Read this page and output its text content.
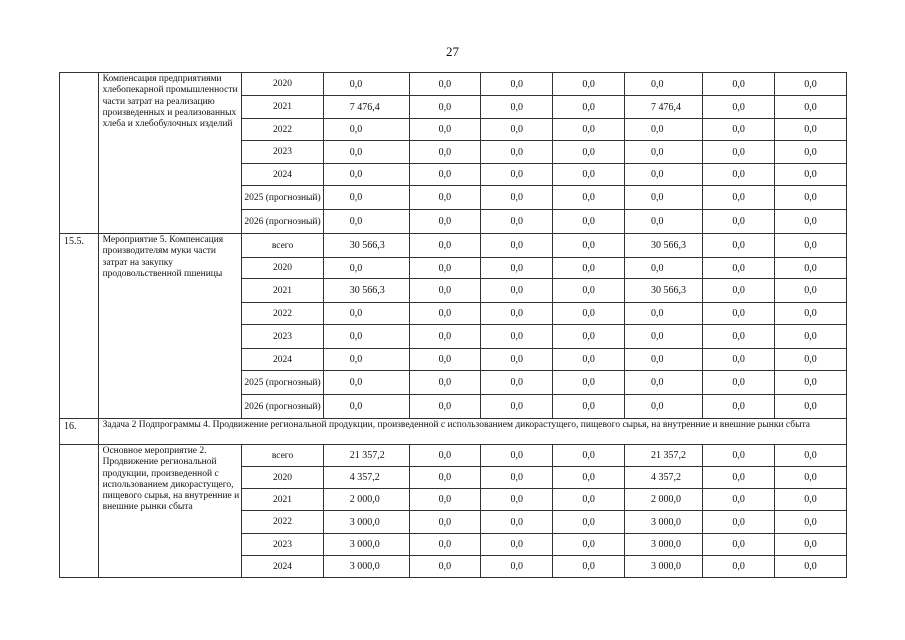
27
	Компенсация предприятиями хлебопекарной промышленности части затрат на реализацию произведенных и реализованных хлеба и хлебобулочных изделий	2020	0,0	0,0	0,0	0,0	0,0	0,0	0,0
		2021	7 476,4	0,0	0,0	0,0	7 476,4	0,0	0,0
		2022	0,0	0,0	0,0	0,0	0,0	0,0	0,0
		2023	0,0	0,0	0,0	0,0	0,0	0,0	0,0
		2024	0,0	0,0	0,0	0,0	0,0	0,0	0,0
		2025 (прогнозный)	0,0	0,0	0,0	0,0	0,0	0,0	0,0
		2026 (прогнозный)	0,0	0,0	0,0	0,0	0,0	0,0	0,0
15.5.	Мероприятие 5. Компенсация производителям муки части затрат на закупку продовольственной пшеницы	всего	30 566,3	0,0	0,0	0,0	30 566,3	0,0	0,0
		2020	0,0	0,0	0,0	0,0	0,0	0,0	0,0
		2021	30 566,3	0,0	0,0	0,0	30 566,3	0,0	0,0
		2022	0,0	0,0	0,0	0,0	0,0	0,0	0,0
		2023	0,0	0,0	0,0	0,0	0,0	0,0	0,0
		2024	0,0	0,0	0,0	0,0	0,0	0,0	0,0
		2025 (прогнозный)	0,0	0,0	0,0	0,0	0,0	0,0	0,0
		2026 (прогнозный)	0,0	0,0	0,0	0,0	0,0	0,0	0,0
16.	Задача 2 Подпрограммы 4. Продвижение региональной продукции, произведенной с использованием дикорастущего, пищевого сырья, на внутренние и внешние рынки сбыта								
	Основное мероприятие 2. Продвижение региональной продукции, произведенной с использованием дикорастущего, пищевого сырья, на внутренние и внешние рынки сбыта	всего	21 357,2	0,0	0,0	0,0	21 357,2	0,0	0,0
		2020	4 357,2	0,0	0,0	0,0	4 357,2	0,0	0,0
		2021	2 000,0	0,0	0,0	0,0	2 000,0	0,0	0,0
		2022	3 000,0	0,0	0,0	0,0	3 000,0	0,0	0,0
		2023	3 000,0	0,0	0,0	0,0	3 000,0	0,0	0,0
		2024	3 000,0	0,0	0,0	0,0	3 000,0	0,0	0,0
